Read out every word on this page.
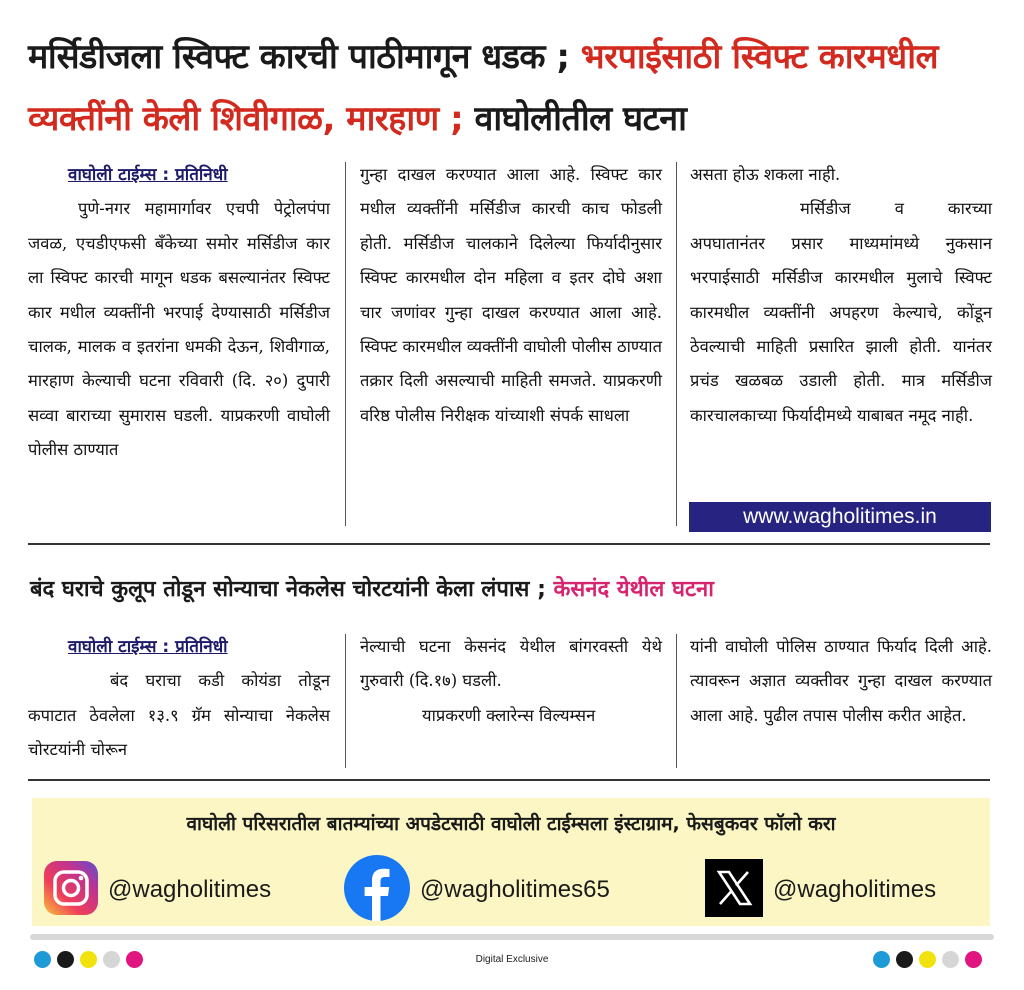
मर्सिडीजला स्विफ्ट कारची पाठीमागून धडक ; भरपाईसाठी स्विफ्ट कारमधील व्यक्तींनी केली शिवीगाळ, मारहाण ; वाघोलीतील घटना
वाघोली टाईम्स : प्रतिनिधी
पुणे-नगर महामार्गावर एचपी पेट्रोलपंपा जवळ, एचडीएफसी बँकेच्या समोर मर्सिडीज कार ला स्विफ्ट कारची मागून धडक बसल्यानंतर स्विफ्ट कार मधील व्यक्तींनी भरपाई देण्यासाठी मर्सिडीज चालक, मालक व इतरांना धमकी देऊन, शिवीगाळ, मारहाण केल्याची घटना रविवारी (दि. २०) दुपारी सव्वा बाराच्या सुमारास घडली. याप्रकरणी वाघोली पोलीस ठाण्यात
गुन्हा दाखल करण्यात आला आहे. स्विफ्ट कार मधील व्यक्तींनी मर्सिडीज कारची काच फोडली होती. मर्सिडीज चालकाने दिलेल्या फिर्यादीनुसार स्विफ्ट कारमधील दोन महिला व इतर दोघे अशा चार जणांवर गुन्हा दाखल करण्यात आला आहे. स्विफ्ट कारमधील व्यक्तींनी वाघोली पोलीस ठाण्यात तक्रार दिली असल्याची माहिती समजते. याप्रकरणी वरिष्ठ पोलीस निरीक्षक यांच्याशी संपर्क साधला
असता होऊ शकला नाही.
मर्सिडीज व कारच्या अपघातानंतर प्रसार माध्यमांमध्ये नुकसान भरपाईसाठी मर्सिडीज कारमधील मुलाचे स्विफ्ट कारमधील व्यक्तींनी अपहरण केल्याचे, कोंडून ठेवल्याची माहिती प्रसारित झाली होती. यानंतर प्रचंड खळबळ उडाली होती. मात्र मर्सिडीज कारचालकाच्या फिर्यादीमध्ये याबाबत नमूद नाही.
www.wagholitimes.in
बंद घराचे कुलूप तोडून सोन्याचा नेकलेस चोरटयांनी केला लंपास ; केसनंद येथील घटना
वाघोली टाईम्स : प्रतिनिधी
बंद घराचा कडी कोयंडा तोडून कपाटात ठेवलेला १३.९ ग्रॅम सोन्याचा नेकलेस चोरटयांनी चोरून
नेल्याची घटना केसनंद येथील बांगरवस्ती येथे गुरुवारी (दि.१७) घडली.
याप्रकरणी क्लारेन्स विल्यम्सन
यांनी वाघोली पोलिस ठाण्यात फिर्याद दिली आहे. त्यावरून अज्ञात व्यक्तीवर गुन्हा दाखल करण्यात आला आहे. पुढील तपास पोलीस करीत आहेत.
वाघोली परिसरातील बातम्यांच्या अपडेटसाठी वाघोली टाईम्सला इंस्टाग्राम, फेसबुकवर फॉलो करा
@wagholitimes	@wagholitimes65	@wagholitimes
Digital Exclusive
